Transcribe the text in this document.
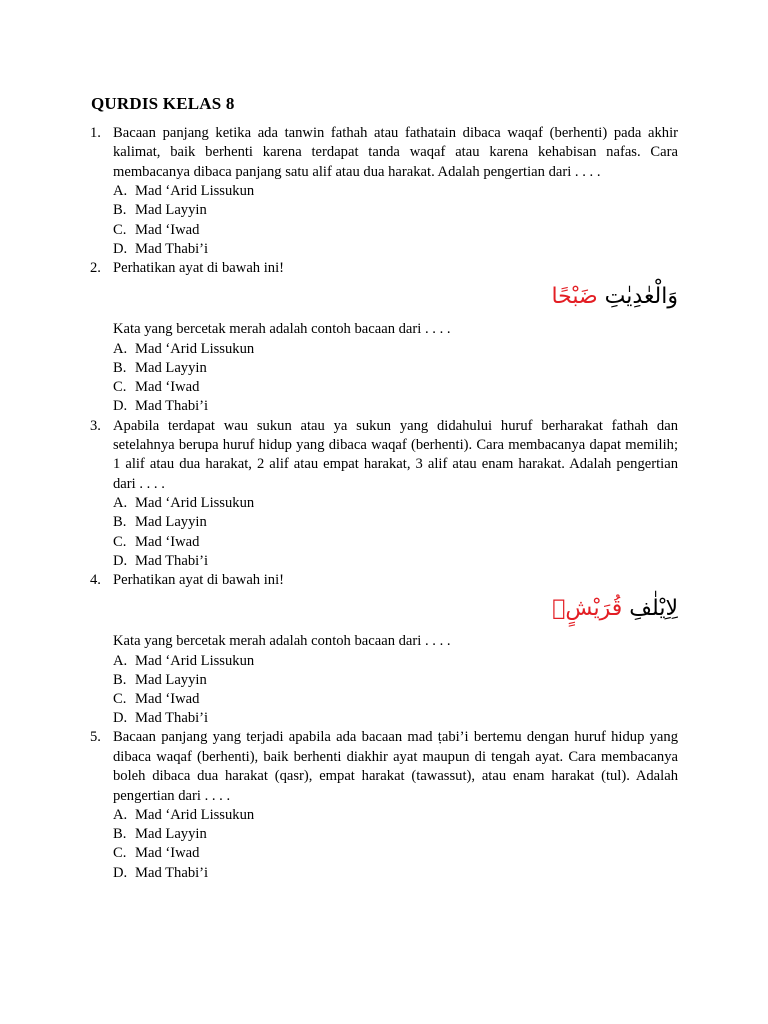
QURDIS KELAS 8
1. Bacaan panjang ketika ada tanwin fathah atau fathatain dibaca waqaf (berhenti) pada akhir kalimat, baik berhenti karena terdapat tanda waqaf atau karena kehabisan nafas. Cara membacanya dibaca panjang satu alif atau dua harakat. Adalah pengertian dari . . . .
A. Mad ‘Arid Lissukun
B. Mad Layyin
C. Mad ‘Iwad
D. Mad Thabi’i
2. Perhatikan ayat di bawah ini!
وَالْعٰدِيٰتِ ضَبْحًا
Kata yang bercetak merah adalah contoh bacaan dari . . . .
A. Mad ‘Arid Lissukun
B. Mad Layyin
C. Mad ‘Iwad
D. Mad Thabi’i
3. Apabila terdapat wau sukun atau ya sukun yang didahului huruf berharakat fathah dan setelahnya berupa huruf hidup yang dibaca waqaf (berhenti). Cara membacanya dapat memilih; 1 alif atau dua harakat, 2 alif atau empat harakat, 3 alif atau enam harakat. Adalah pengertian dari . . . .
A. Mad ‘Arid Lissukun
B. Mad Layyin
C. Mad ‘Iwad
D. Mad Thabi’i
4. Perhatikan ayat di bawah ini!
لِاِيْلٰفِ قُرَيْشٍۙ
Kata yang bercetak merah adalah contoh bacaan dari . . . .
A. Mad ‘Arid Lissukun
B. Mad Layyin
C. Mad ‘Iwad
D. Mad Thabi’i
5. Bacaan panjang yang terjadi apabila ada bacaan mad ṭabi’i bertemu dengan huruf hidup yang dibaca waqaf (berhenti), baik berhenti diakhir ayat maupun di tengah ayat. Cara membacanya boleh dibaca dua harakat (qasr), empat harakat (tawassut), atau enam harakat (tul). Adalah pengertian dari . . . .
A. Mad ‘Arid Lissukun
B. Mad Layyin
C. Mad ‘Iwad
D. Mad Thabi’i
